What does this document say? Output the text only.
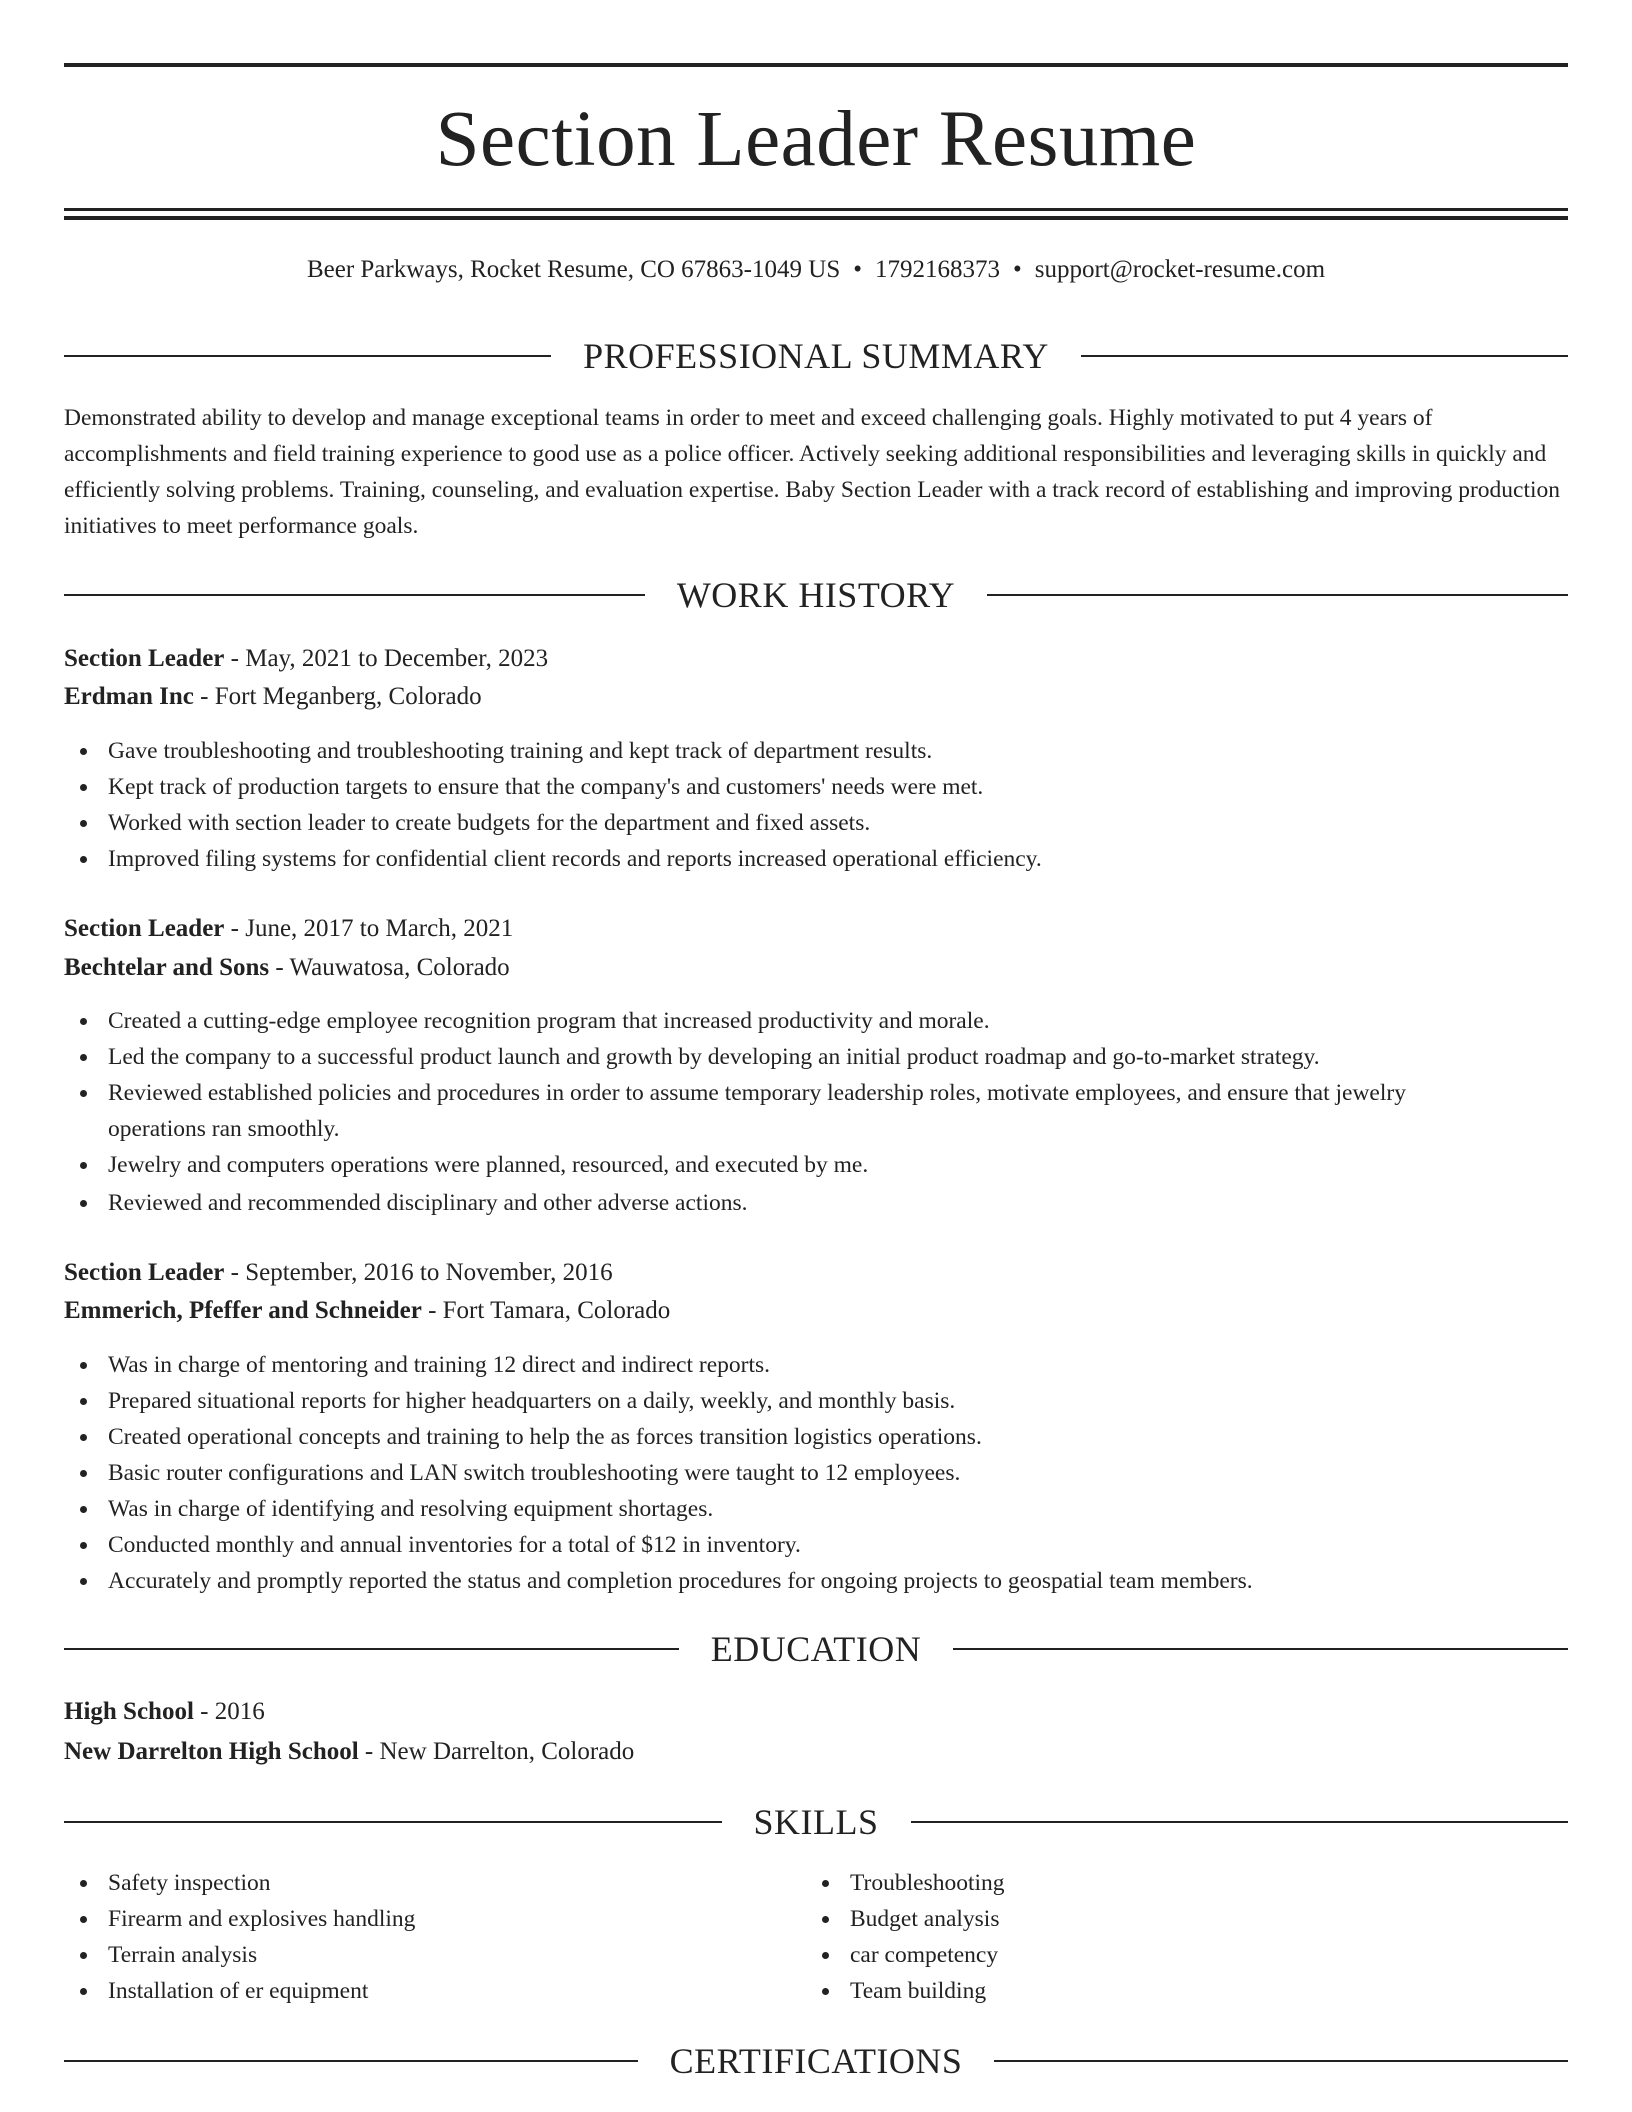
Section Leader Resume
Beer Parkways, Rocket Resume, CO 67863-1049 US • 1792168373 • support@rocket-resume.com
PROFESSIONAL SUMMARY

Demonstrated ability to develop and manage exceptional teams in order to meet and exceed challenging goals. Highly motivated to put 4 years of accomplishments and field training experience to good use as a police officer. Actively seeking additional responsibilities and leveraging skills in quickly and efficiently solving problems. Training, counseling, and evaluation expertise. Baby Section Leader with a track record of establishing and improving production initiatives to meet performance goals.

WORK HISTORY
Section Leader - May, 2021 to December, 2023
Erdman Inc - Fort Meganberg, Colorado
Gave troubleshooting and troubleshooting training and kept track of department results.
Kept track of production targets to ensure that the company's and customers' needs were met.
Worked with section leader to create budgets for the department and fixed assets.
Improved filing systems for confidential client records and reports increased operational efficiency.
Section Leader - June, 2017 to March, 2021
Bechtelar and Sons - Wauwatosa, Colorado
Created a cutting-edge employee recognition program that increased productivity and morale.
Led the company to a successful product launch and growth by developing an initial product roadmap and go-to-market strategy.
Reviewed established policies and procedures in order to assume temporary leadership roles, motivate employees, and ensure that jewelry operations ran smoothly.
Jewelry and computers operations were planned, resourced, and executed by me.
Reviewed and recommended disciplinary and other adverse actions.
Section Leader - September, 2016 to November, 2016
Emmerich, Pfeffer and Schneider - Fort Tamara, Colorado
Was in charge of mentoring and training 12 direct and indirect reports.
Prepared situational reports for higher headquarters on a daily, weekly, and monthly basis.
Created operational concepts and training to help the as forces transition logistics operations.
Basic router configurations and LAN switch troubleshooting were taught to 12 employees.
Was in charge of identifying and resolving equipment shortages.
Conducted monthly and annual inventories for a total of $12 in inventory.
Accurately and promptly reported the status and completion procedures for ongoing projects to geospatial team members.
EDUCATION
High School - 2016
New Darrelton High School - New Darrelton, Colorado
SKILLS
Safety inspection
Firearm and explosives handling
Terrain analysis
Installation of er equipment
Troubleshooting
Budget analysis
car competency
Team building
CERTIFICATIONS
